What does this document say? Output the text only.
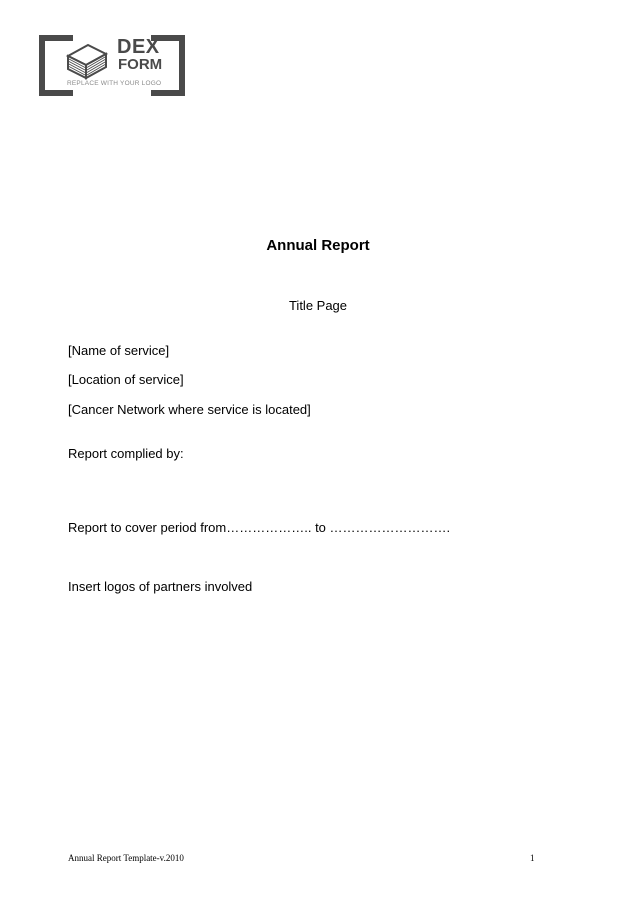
DEX
FORM
REPLACE WITH YOUR LOGO
Annual Report
Title Page
[Name of service]
[Location of service]
[Cancer Network where service is located]
Report complied by:
Report to cover period from……………….. to ……………………….
Insert logos of partners involved
Annual Report Template-v.2010	1
